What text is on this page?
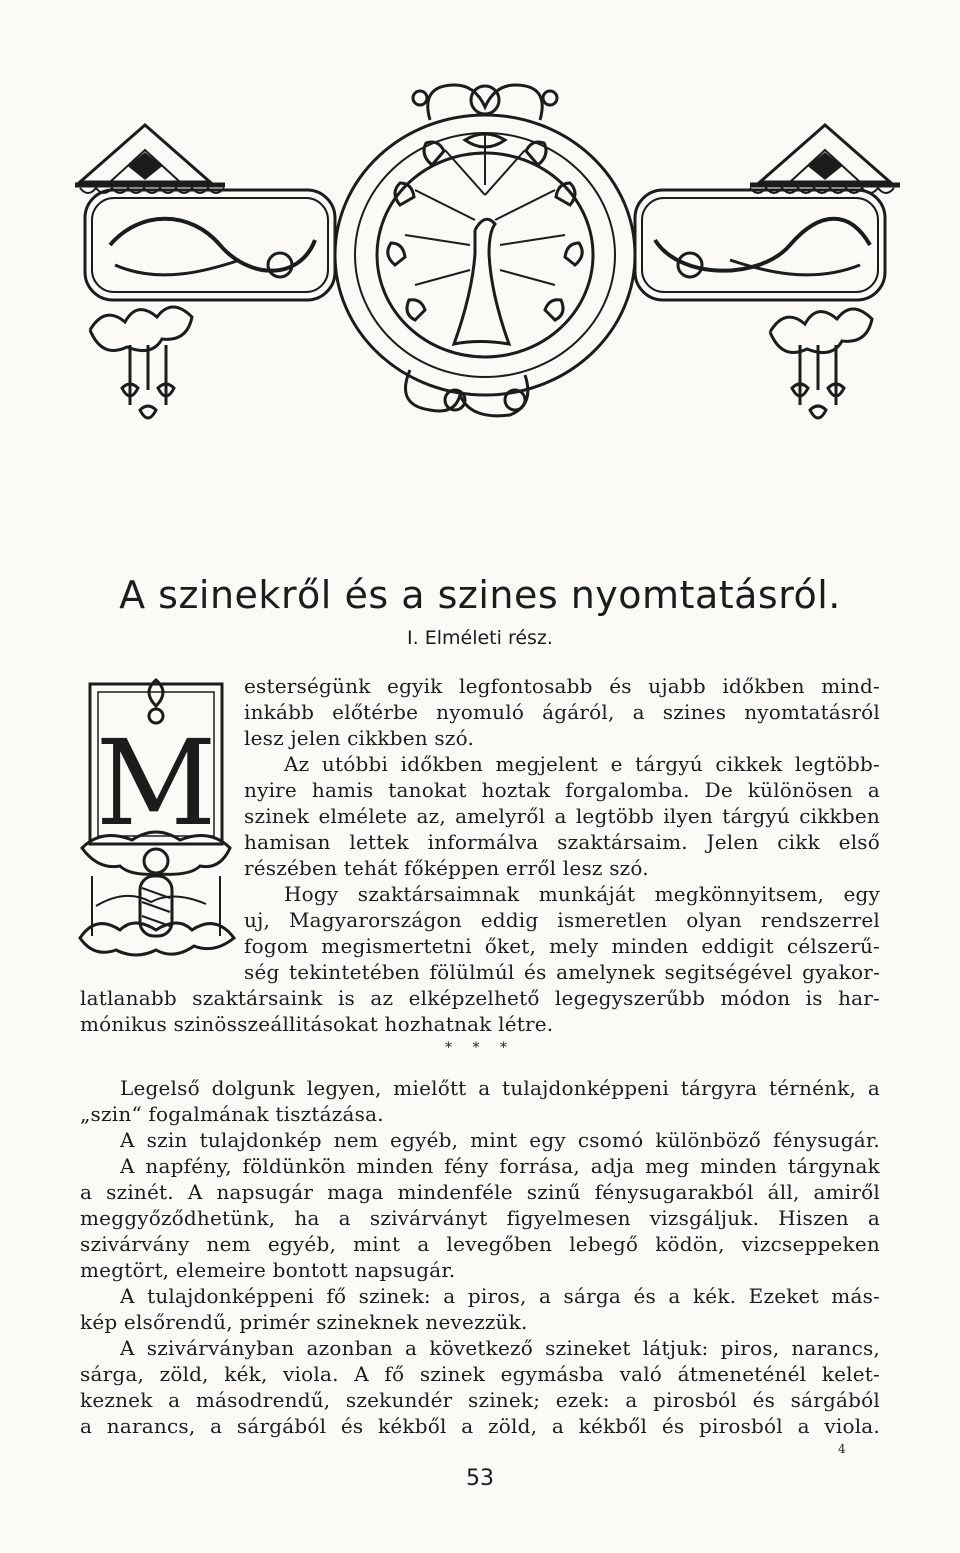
A szinekről és a szines nyomtatásról.
I. Elméleti rész.
M
esterségünk egyik legfontosabb és ujabb időkben mind-
inkább előtérbe nyomuló ágáról, a szines nyomtatásról
lesz jelen cikkben szó.
Az utóbbi időkben megjelent e tárgyú cikkek legtöbb-
nyire hamis tanokat hoztak forgalomba. De különösen a
szinek elmélete az, amelyről a legtöbb ilyen tárgyú cikkben
hamisan lettek informálva szaktársaim. Jelen cikk első
részében tehát főképpen erről lesz szó.
Hogy szaktársaimnak munkáját megkönnyitsem, egy
uj, Magyarországon eddig ismeretlen olyan rendszerrel
fogom megismertetni őket, mely minden eddigit célszerű-
ség tekintetében fölülmúl és amelynek segitségével gyakor-
latlanabb szaktársaink is az elképzelhető legegyszerűbb módon is har-
mónikus szinösszeállitásokat hozhatnak létre.
* * *
Legelső dolgunk legyen, mielőtt a tulajdonképpeni tárgyra térnénk, a
„szin“ fogalmának tisztázása.
A szin tulajdonkép nem egyéb, mint egy csomó különböző fénysugár.
A napfény, földünkön minden fény forrása, adja meg minden tárgynak
a szinét. A napsugár maga mindenféle szinű fénysugarakból áll, amiről
meggyőződhetünk, ha a szivárványt figyelmesen vizsgáljuk. Hiszen a
szivárvány nem egyéb, mint a levegőben lebegő ködön, vizcseppeken
megtört, elemeire bontott napsugár.
A tulajdonképpeni fő szinek: a piros, a sárga és a kék. Ezeket más-
kép elsőrendű, primér szineknek nevezzük.
A szivárványban azonban a következő szineket látjuk: piros, narancs,
sárga, zöld, kék, viola. A fő szinek egymásba való átmeneténél kelet-
keznek a másodrendű, szekundér szinek; ezek: a pirosból és sárgából
a narancs, a sárgából és kékből a zöld, a kékből és pirosból a viola.
4
53
